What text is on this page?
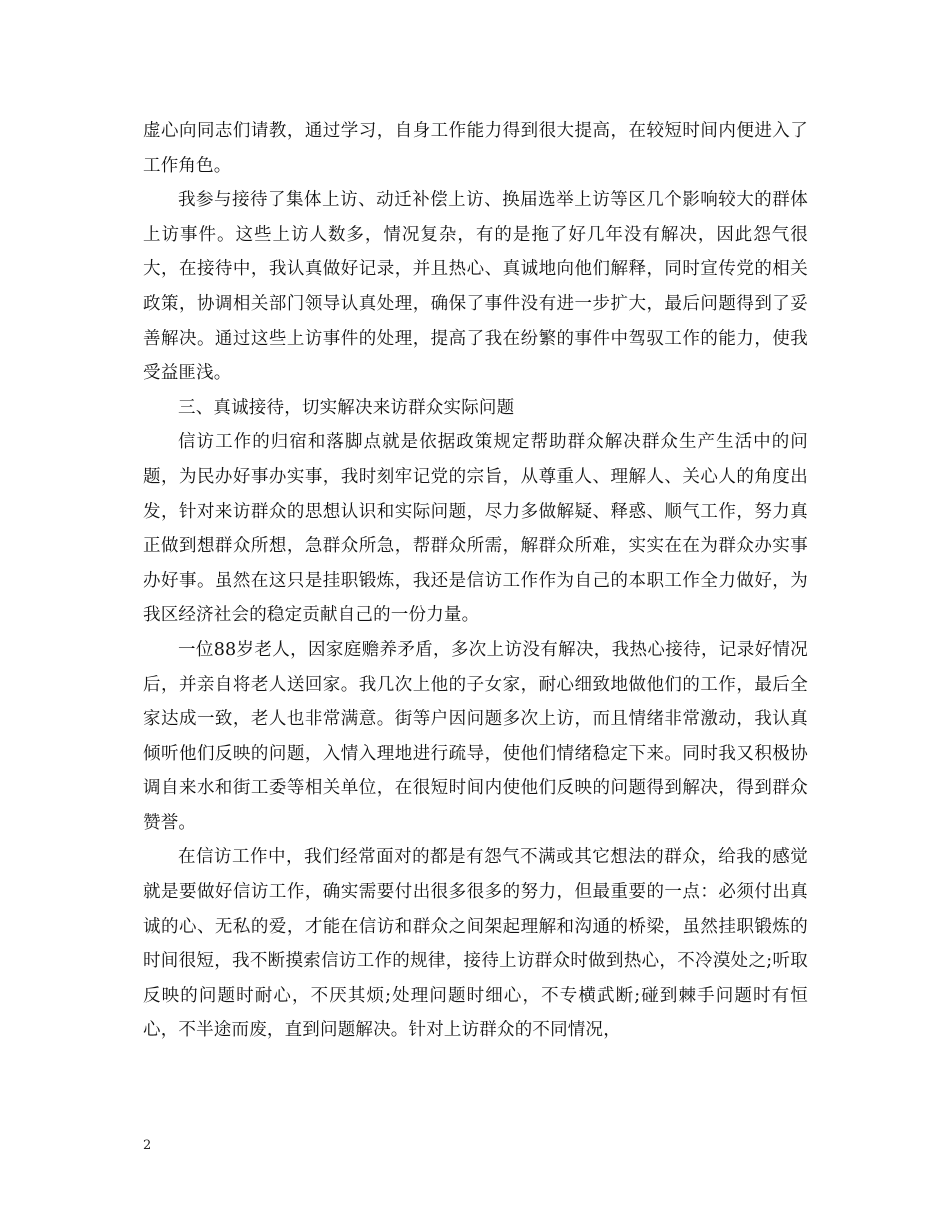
虚心向同志们请教，通过学习，自身工作能力得到很大提高，在较短时间内便进入了工作角色。

我参与接待了集体上访、动迁补偿上访、换届选举上访等区几个影响较大的群体上访事件。这些上访人数多，情况复杂，有的是拖了好几年没有解决，因此怨气很大，在接待中，我认真做好记录，并且热心、真诚地向他们解释，同时宣传党的相关政策，协调相关部门领导认真处理，确保了事件没有进一步扩大，最后问题得到了妥善解决。通过这些上访事件的处理，提高了我在纷繁的事件中驾驭工作的能力，使我受益匪浅。

三、真诚接待，切实解决来访群众实际问题

信访工作的归宿和落脚点就是依据政策规定帮助群众解决群众生产生活中的问题，为民办好事办实事，我时刻牢记党的宗旨，从尊重人、理解人、关心人的角度出发，针对来访群众的思想认识和实际问题，尽力多做解疑、释惑、顺气工作，努力真正做到想群众所想，急群众所急，帮群众所需，解群众所难，实实在在为群众办实事办好事。虽然在这只是挂职锻炼，我还是信访工作作为自己的本职工作全力做好，为我区经济社会的稳定贡献自己的一份力量。

一位88岁老人，因家庭赡养矛盾，多次上访没有解决，我热心接待，记录好情况后，并亲自将老人送回家。我几次上他的子女家，耐心细致地做他们的工作，最后全家达成一致，老人也非常满意。街等户因问题多次上访，而且情绪非常激动，我认真倾听他们反映的问题，入情入理地进行疏导，使他们情绪稳定下来。同时我又积极协调自来水和街工委等相关单位，在很短时间内使他们反映的问题得到解决，得到群众赞誉。

在信访工作中，我们经常面对的都是有怨气不满或其它想法的群众，给我的感觉就是要做好信访工作，确实需要付出很多很多的努力，但最重要的一点：必须付出真诚的心、无私的爱，才能在信访和群众之间架起理解和沟通的桥梁，虽然挂职锻炼的时间很短，我不断摸索信访工作的规律，接待上访群众时做到热心，不冷漠处之;听取反映的问题时耐心，不厌其烦;处理问题时细心，不专横武断;碰到棘手问题时有恒心，不半途而废，直到问题解决。针对上访群众的不同情况，

2
